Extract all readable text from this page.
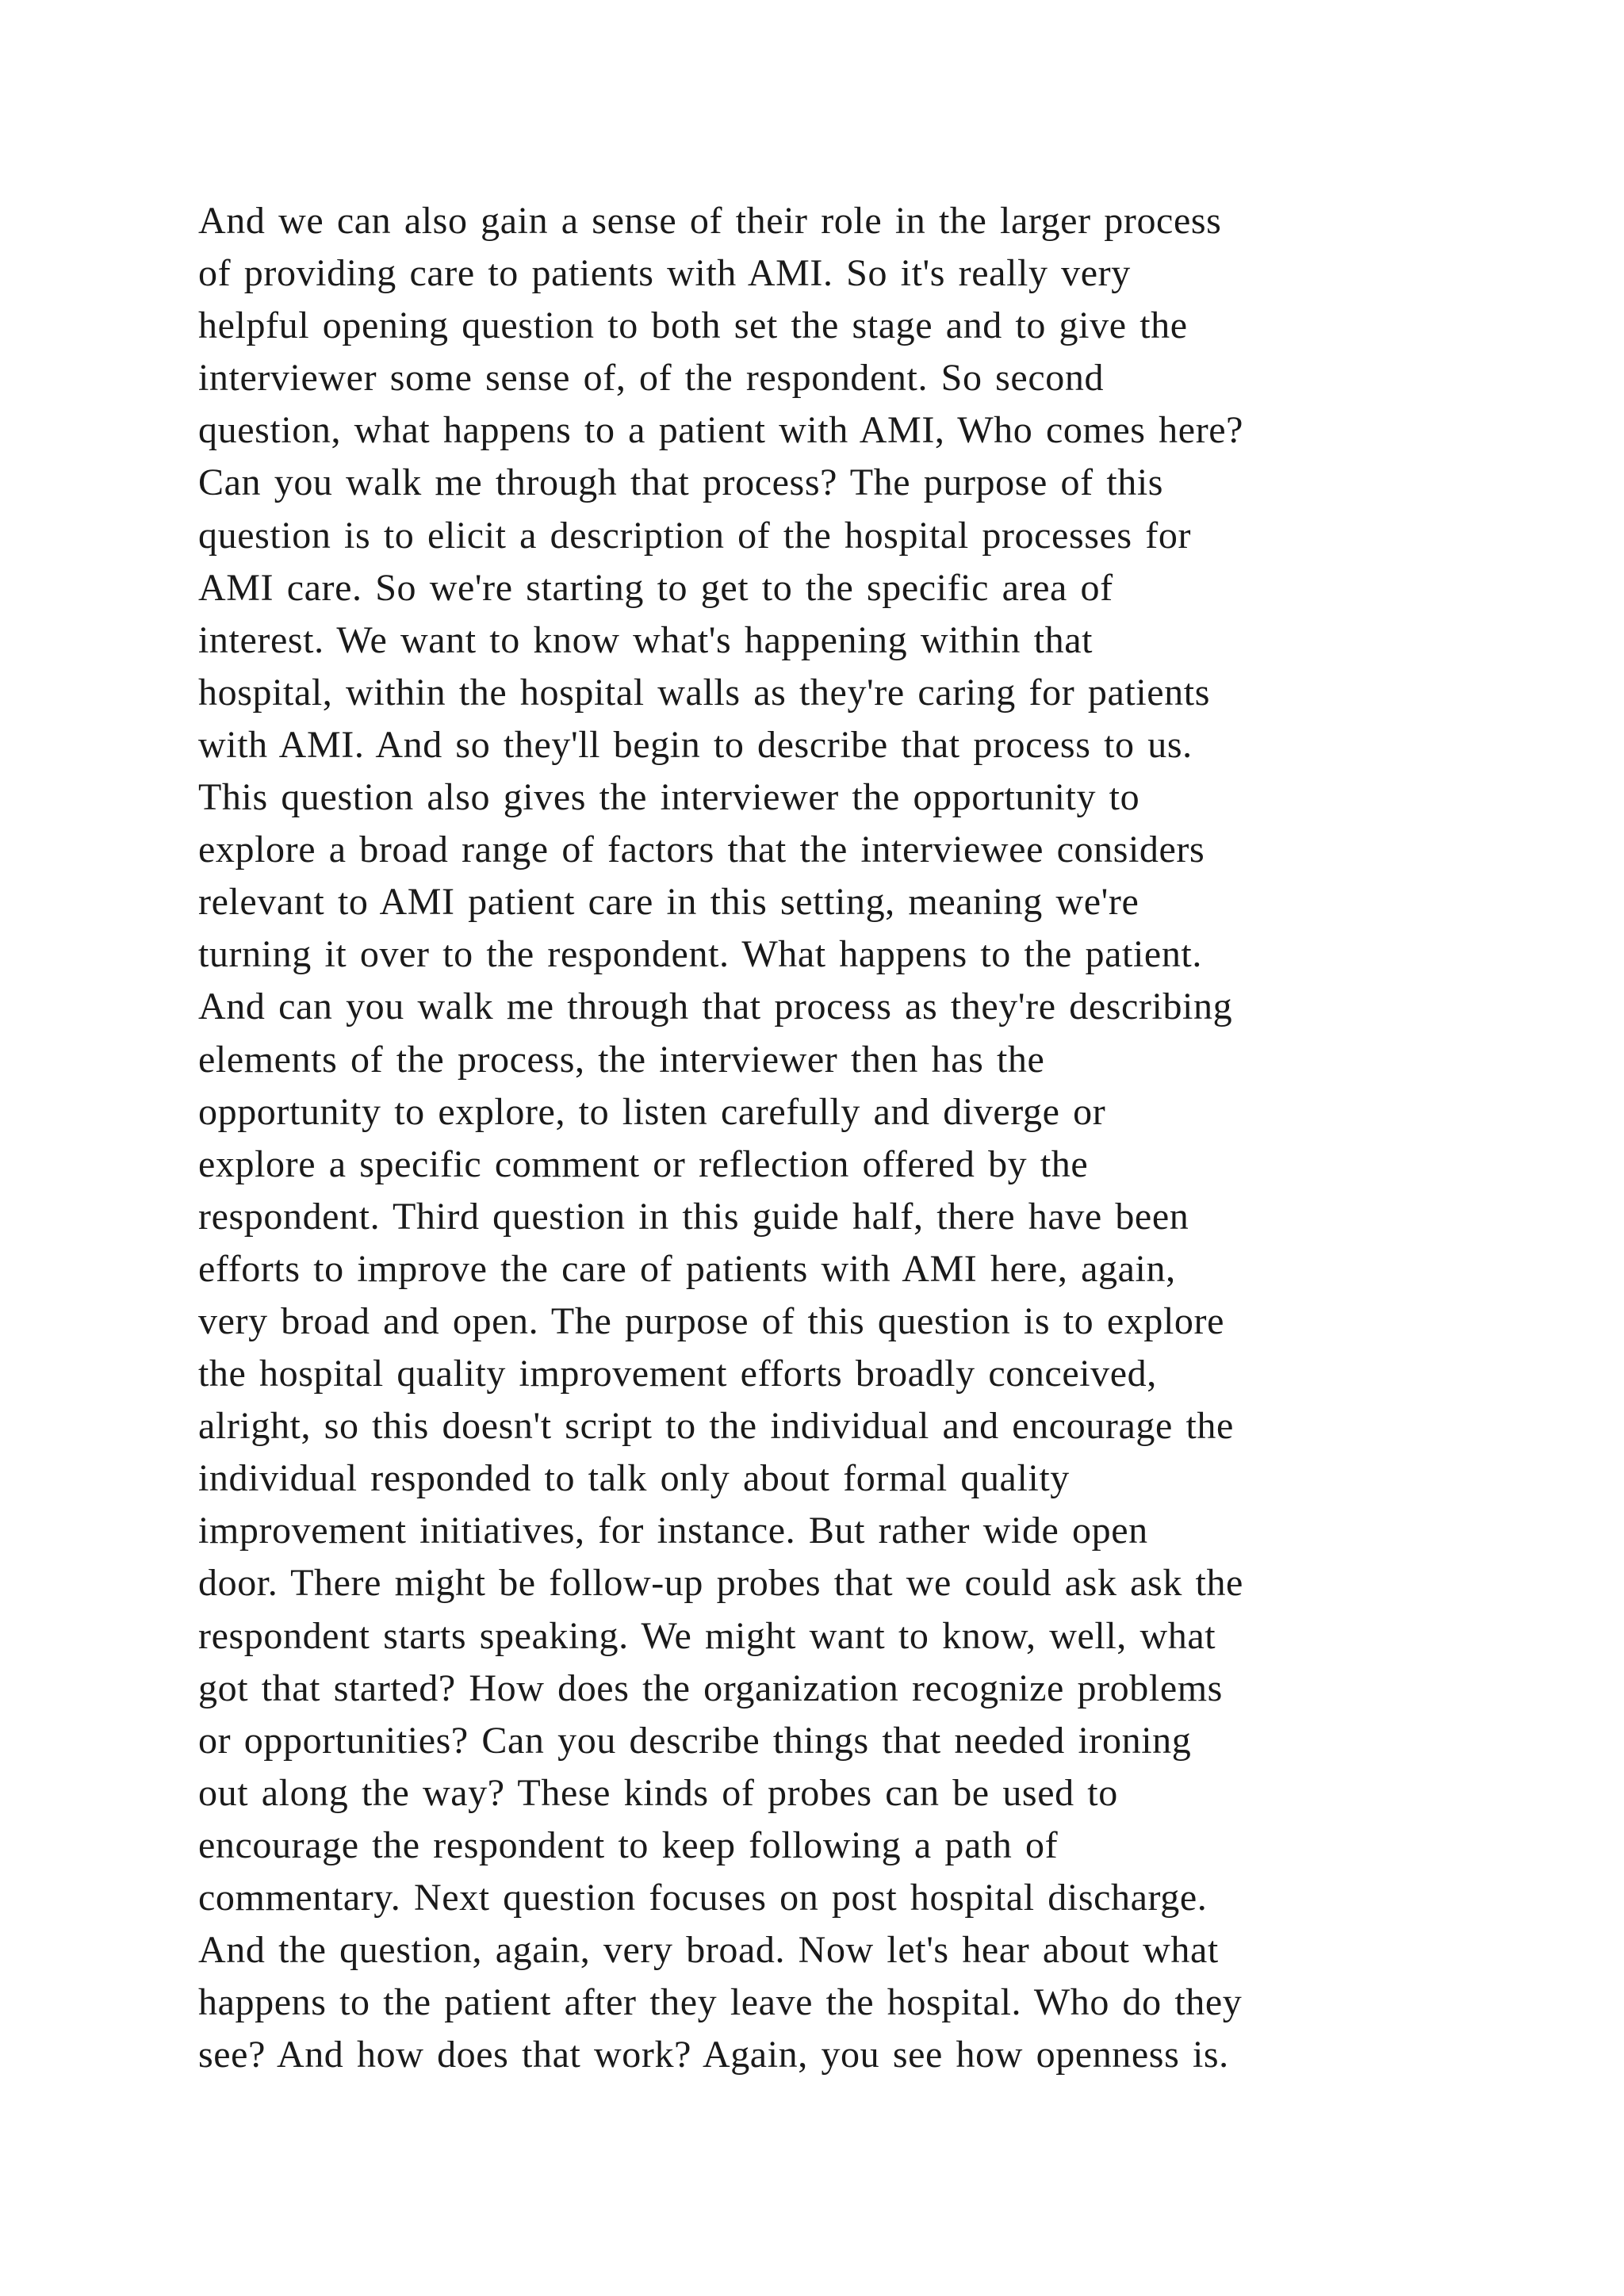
And we can also gain a sense of their role in the larger process
of providing care to patients with AMI. So it's really very
helpful opening question to both set the stage and to give the
interviewer some sense of, of the respondent. So second
question, what happens to a patient with AMI, Who comes here?
Can you walk me through that process? The purpose of this
question is to elicit a description of the hospital processes for
AMI care. So we're starting to get to the specific area of
interest. We want to know what's happening within that
hospital, within the hospital walls as they're caring for patients
with AMI. And so they'll begin to describe that process to us.
This question also gives the interviewer the opportunity to
explore a broad range of factors that the interviewee considers
relevant to AMI patient care in this setting, meaning we're
turning it over to the respondent. What happens to the patient.
And can you walk me through that process as they're describing
elements of the process, the interviewer then has the
opportunity to explore, to listen carefully and diverge or
explore a specific comment or reflection offered by the
respondent. Third question in this guide half, there have been
efforts to improve the care of patients with AMI here, again,
very broad and open. The purpose of this question is to explore
the hospital quality improvement efforts broadly conceived,
alright, so this doesn't script to the individual and encourage the
individual responded to talk only about formal quality
improvement initiatives, for instance. But rather wide open
door. There might be follow-up probes that we could ask ask the
respondent starts speaking. We might want to know, well, what
got that started? How does the organization recognize problems
or opportunities? Can you describe things that needed ironing
out along the way? These kinds of probes can be used to
encourage the respondent to keep following a path of
commentary. Next question focuses on post hospital discharge.
And the question, again, very broad. Now let's hear about what
happens to the patient after they leave the hospital. Who do they
see? And how does that work? Again, you see how openness is.
